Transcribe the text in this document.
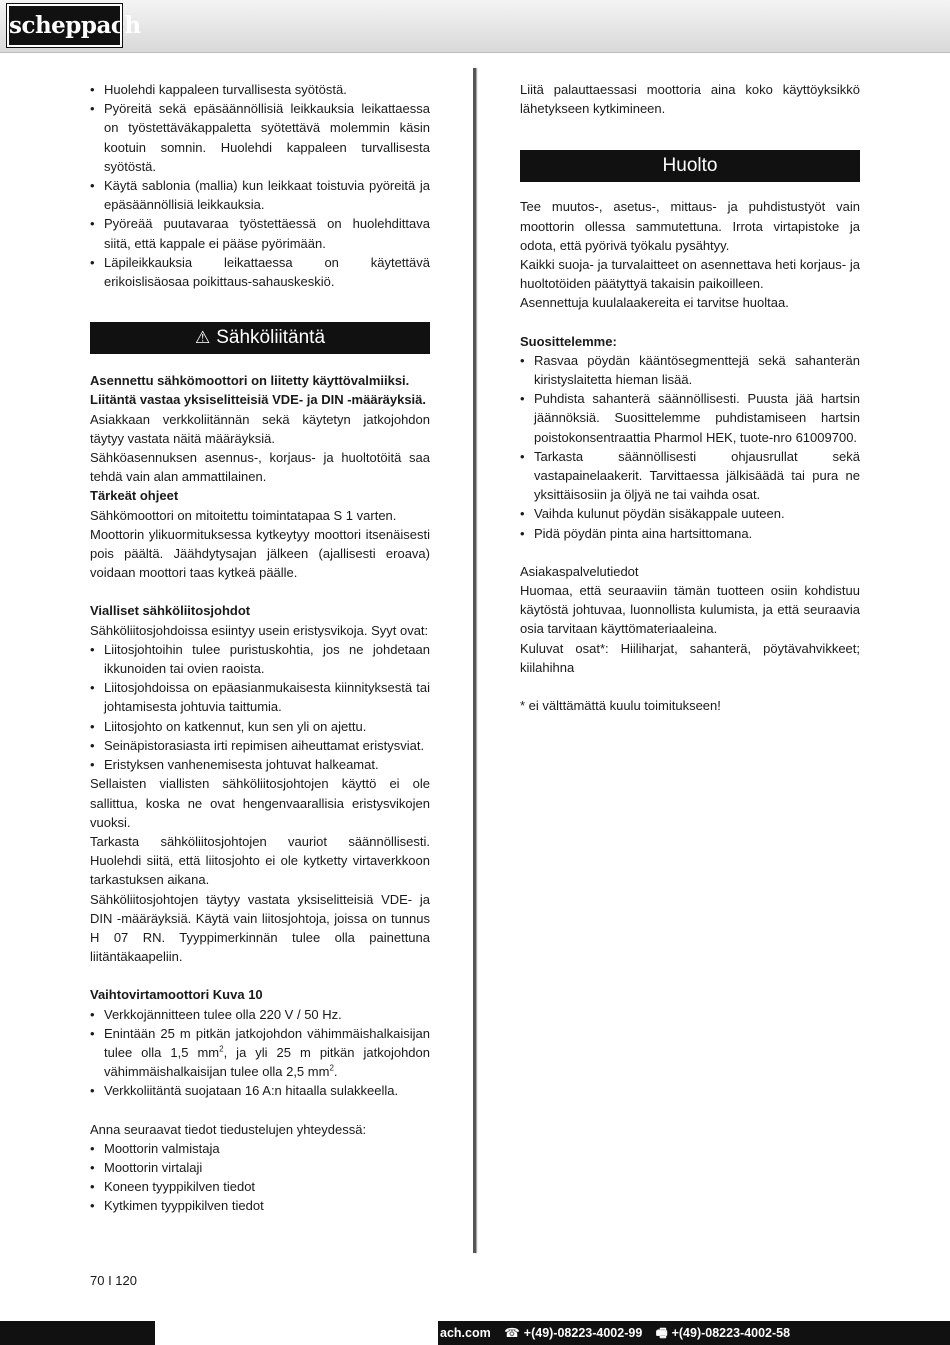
scheppach
• Huolehdi kappaleen turvallisesta syötöstä.
• Pyöreitä sekä epäsäännöllisiä leikkauksia leikattaessa on työstettäväkappaletta syötettävä molemmin käsin kootuin somnin. Huolehdi kappaleen turvallisesta syötöstä.
• Käytä sablonia (mallia) kun leikkaat toistuvia pyöreitä ja epäsäännöllisiä leikkauksia.
• Pyöreää puutavaraa työstettäessä on huolehdittava siitä, että kappale ei pääse pyörimään.
• Läpileikkauksia leikattaessa on käytettävä erikoislisäosaa poikittaus-sahauskeskiö.
⚠ Sähköliitäntä

Asennettu sähkömoottori on liitetty käyttövalmiiksi.

Liitäntä vastaa yksiselitteisiä VDE- ja DIN -määräyksiä.

Asiakkaan verkkoliitännän sekä käytetyn jatkojohdon täytyy vastata näitä määräyksiä.

Sähköasennuksen asennus-, korjaus- ja huoltotöitä saa tehdä vain alan ammattilainen.

Tärkeät ohjeet

Sähkömoottori on mitoitettu toimintatapaa S 1 varten.

Moottorin ylikuormituksessa kytkeytyy moottori itsenäisesti pois päältä. Jäähdytysajan jälkeen (ajallisesti eroava) voidaan moottori taas kytkeä päälle.

Vialliset sähköliitosjohdot

Sähköliitosjohdoissa esiintyy usein eristysvikoja. Syyt ovat:

• Liitosjohtoihin tulee puristuskohtia, jos ne johdetaan ikkunoiden tai ovien raoista.
• Liitosjohdoissa on epäasianmukaisesta kiinnityksestä tai johtamisesta johtuvia taittumia.
• Liitosjohto on katkennut, kun sen yli on ajettu.
• Seinäpistorasiasta irti repimisen aiheuttamat eristysviat.
• Eristyksen vanhenemisesta johtuvat halkeamat.

Sellaisten viallisten sähköliitosjohtojen käyttö ei ole sallittua, koska ne ovat hengenvaarallisia eristysvikojen vuoksi.

Tarkasta sähköliitosjohtojen vauriot säännöllisesti. Huolehdi siitä, että liitosjohto ei ole kytketty virtaverkkoon tarkastuksen aikana.

Sähköliitosjohtojen täytyy vastata yksiselitteisiä VDE- ja DIN -määräyksiä. Käytä vain liitosjohtoja, joissa on tunnus H 07 RN. Tyyppimerkinnän tulee olla painettuna liitäntäkaapeliin.

Vaihtovirtamoottori Kuva 10

• Verkkojännitteen tulee olla 220 V / 50 Hz.
• Enintään 25 m pitkän jatkojohdon vähimmäishalkaisijan tulee olla 1,5 $mm^2$, ja yli 25 m pitkän jatkojohdon vähimmäishalkaisijan tulee olla 2,5 $mm^2$.
• Verkkoliitäntä suojataan 16 A:n hitaalla sulakkeella.

Anna seuraavat tiedot tiedustelujen yhteydessä:

• Moottorin valmistaja
• Moottorin virtalaji
• Koneen tyyppikilven tiedot
• Kytkimen tyyppikilven tiedot

Liitä palauttaessasi moottoria aina koko käyttöyksikkö lähetykseen kytkimineen.

Huolto

Tee muutos-, asetus-, mittaus- ja puhdistustyöt vain moottorin ollessa sammutettuna. Irrota virtapistoke ja odota, että pyörivä työkalu pysähtyy.

Kaikki suoja- ja turvalaitteet on asennettava heti korjaus- ja huoltotöiden päätyttyä takaisin paikoilleen.

Asennettuja kuulalaakereita ei tarvitse huoltaa.

Suosittelemme:

• Rasvaa pöydän kääntösegmenttejä sekä sahanterän kiristyslaitetta hieman lisää.
• Puhdista sahanterä säännöllisesti. Puusta jää hartsin jäännöksiä. Suosittelemme puhdistamiseen hartsin poistokonsentraattia Pharmol HEK, tuote-nro 61009700.
• Tarkasta säännöllisesti ohjausrullat sekä vastapainelaakerit. Tarvittaessa jälkisäädä tai pura ne yksittäisosiin ja öljyä ne tai vaihda osat.
• Vaihda kulunut pöydän sisäkappale uuteen.
• Pidä pöydän pinta aina hartsittomana.

Asiakaspalvelutiedot

Huomaa, että seuraaviin tämän tuotteen osiin kohdistuu käytöstä johtuvaa, luonnollista kulumista, ja että seuraavia osia tarvitaan käyttömateriaaleina.

Kuluvat osat*: Hiiliharjat, sahanterä, pöytävahvikkeet; kiilahihna

* ei välttämättä kuulu toimitukseen!

70 I 120
ach.com ☎ +(49)-08223-4002-99 🖷 +(49)-08223-4002-58
